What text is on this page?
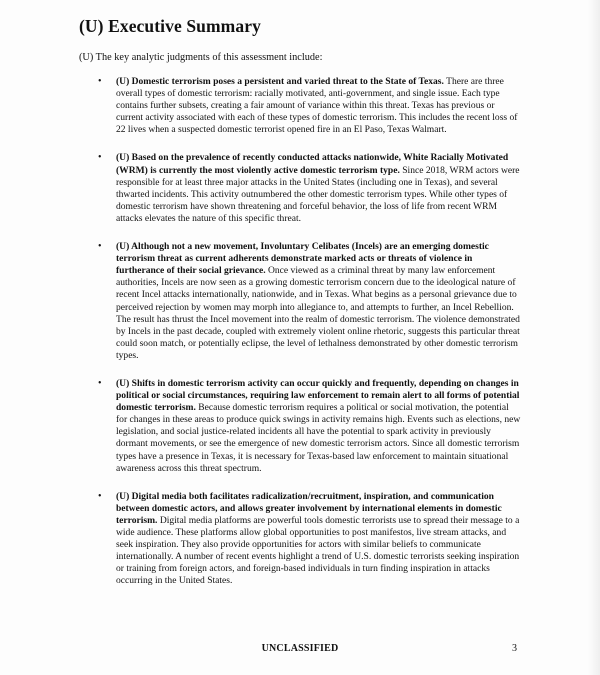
(U) Executive Summary

(U) The key analytic judgments of this assessment include:

• (U) Domestic terrorism poses a persistent and varied threat to the State of Texas. There are three overall types of domestic terrorism: racially motivated, anti-government, and single issue. Each type contains further subsets, creating a fair amount of variance within this threat. Texas has previous or current activity associated with each of these types of domestic terrorism. This includes the recent loss of 22 lives when a suspected domestic terrorist opened fire in an El Paso, Texas Walmart.
• (U) Based on the prevalence of recently conducted attacks nationwide, White Racially Motivated (WRM) is currently the most violently active domestic terrorism type. Since 2018, WRM actors were responsible for at least three major attacks in the United States (including one in Texas), and several thwarted incidents. This activity outnumbered the other domestic terrorism types. While other types of domestic terrorism have shown threatening and forceful behavior, the loss of life from recent WRM attacks elevates the nature of this specific threat.
• (U) Although not a new movement, Involuntary Celibates (Incels) are an emerging domestic terrorism threat as current adherents demonstrate marked acts or threats of violence in furtherance of their social grievance. Once viewed as a criminal threat by many law enforcement authorities, Incels are now seen as a growing domestic terrorism concern due to the ideological nature of recent Incel attacks internationally, nationwide, and in Texas. What begins as a personal grievance due to perceived rejection by women may morph into allegiance to, and attempts to further, an Incel Rebellion. The result has thrust the Incel movement into the realm of domestic terrorism. The violence demonstrated by Incels in the past decade, coupled with extremely violent online rhetoric, suggests this particular threat could soon match, or potentially eclipse, the level of lethalness demonstrated by other domestic terrorism types.
• (U) Shifts in domestic terrorism activity can occur quickly and frequently, depending on changes in political or social circumstances, requiring law enforcement to remain alert to all forms of potential domestic terrorism. Because domestic terrorism requires a political or social motivation, the potential for changes in these areas to produce quick swings in activity remains high. Events such as elections, new legislation, and social justice-related incidents all have the potential to spark activity in previously dormant movements, or see the emergence of new domestic terrorism actors. Since all domestic terrorism types have a presence in Texas, it is necessary for Texas-based law enforcement to maintain situational awareness across this threat spectrum.
• (U) Digital media both facilitates radicalization/recruitment, inspiration, and communication between domestic actors, and allows greater involvement by international elements in domestic terrorism. Digital media platforms are powerful tools domestic terrorists use to spread their message to a wide audience. These platforms allow global opportunities to post manifestos, live stream attacks, and seek inspiration. They also provide opportunities for actors with similar beliefs to communicate internationally. A number of recent events highlight a trend of U.S. domestic terrorists seeking inspiration or training from foreign actors, and foreign-based individuals in turn finding inspiration in attacks occurring in the United States.
UNCLASSIFIED	3
